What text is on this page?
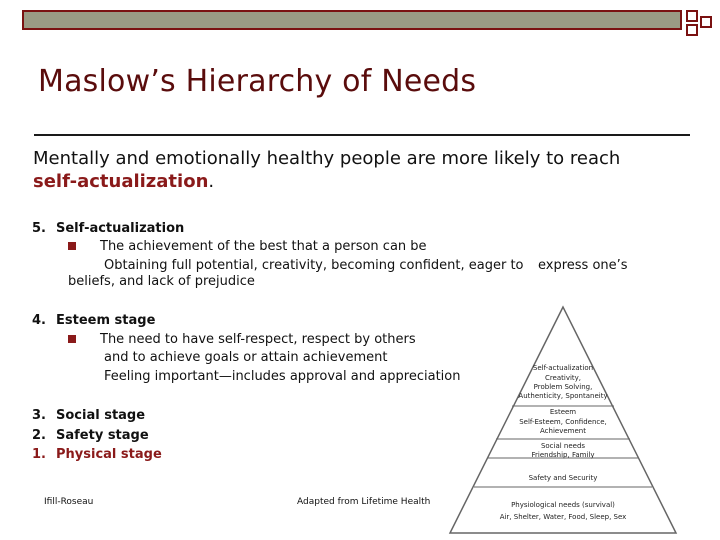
Maslow’s Hierarchy of Needs
Mentally and emotionally healthy people are more likely to reach
self-actualization.
5. Self-actualization
The achievement of the best that a person can be
Obtaining full potential, creativity, becoming confident, eager to express one’s
beliefs, and lack of prejudice
4. Esteem stage
The need to have self-respect, respect by others
and to achieve goals or attain achievement
Feeling important—includes approval and appreciation
3. Social stage
2. Safety stage
1. Physical stage
Ifill-Roseau	Adapted from Lifetime Health
Self-actualization
Creativity,
Problem Solving,
Authenticity, Spontaneity
Esteem
Self-Esteem, Confidence,
Achievement
Social needs
Friendship, Family
Safety and Security
Physiological needs (survival)
Air, Shelter, Water, Food, Sleep, Sex
